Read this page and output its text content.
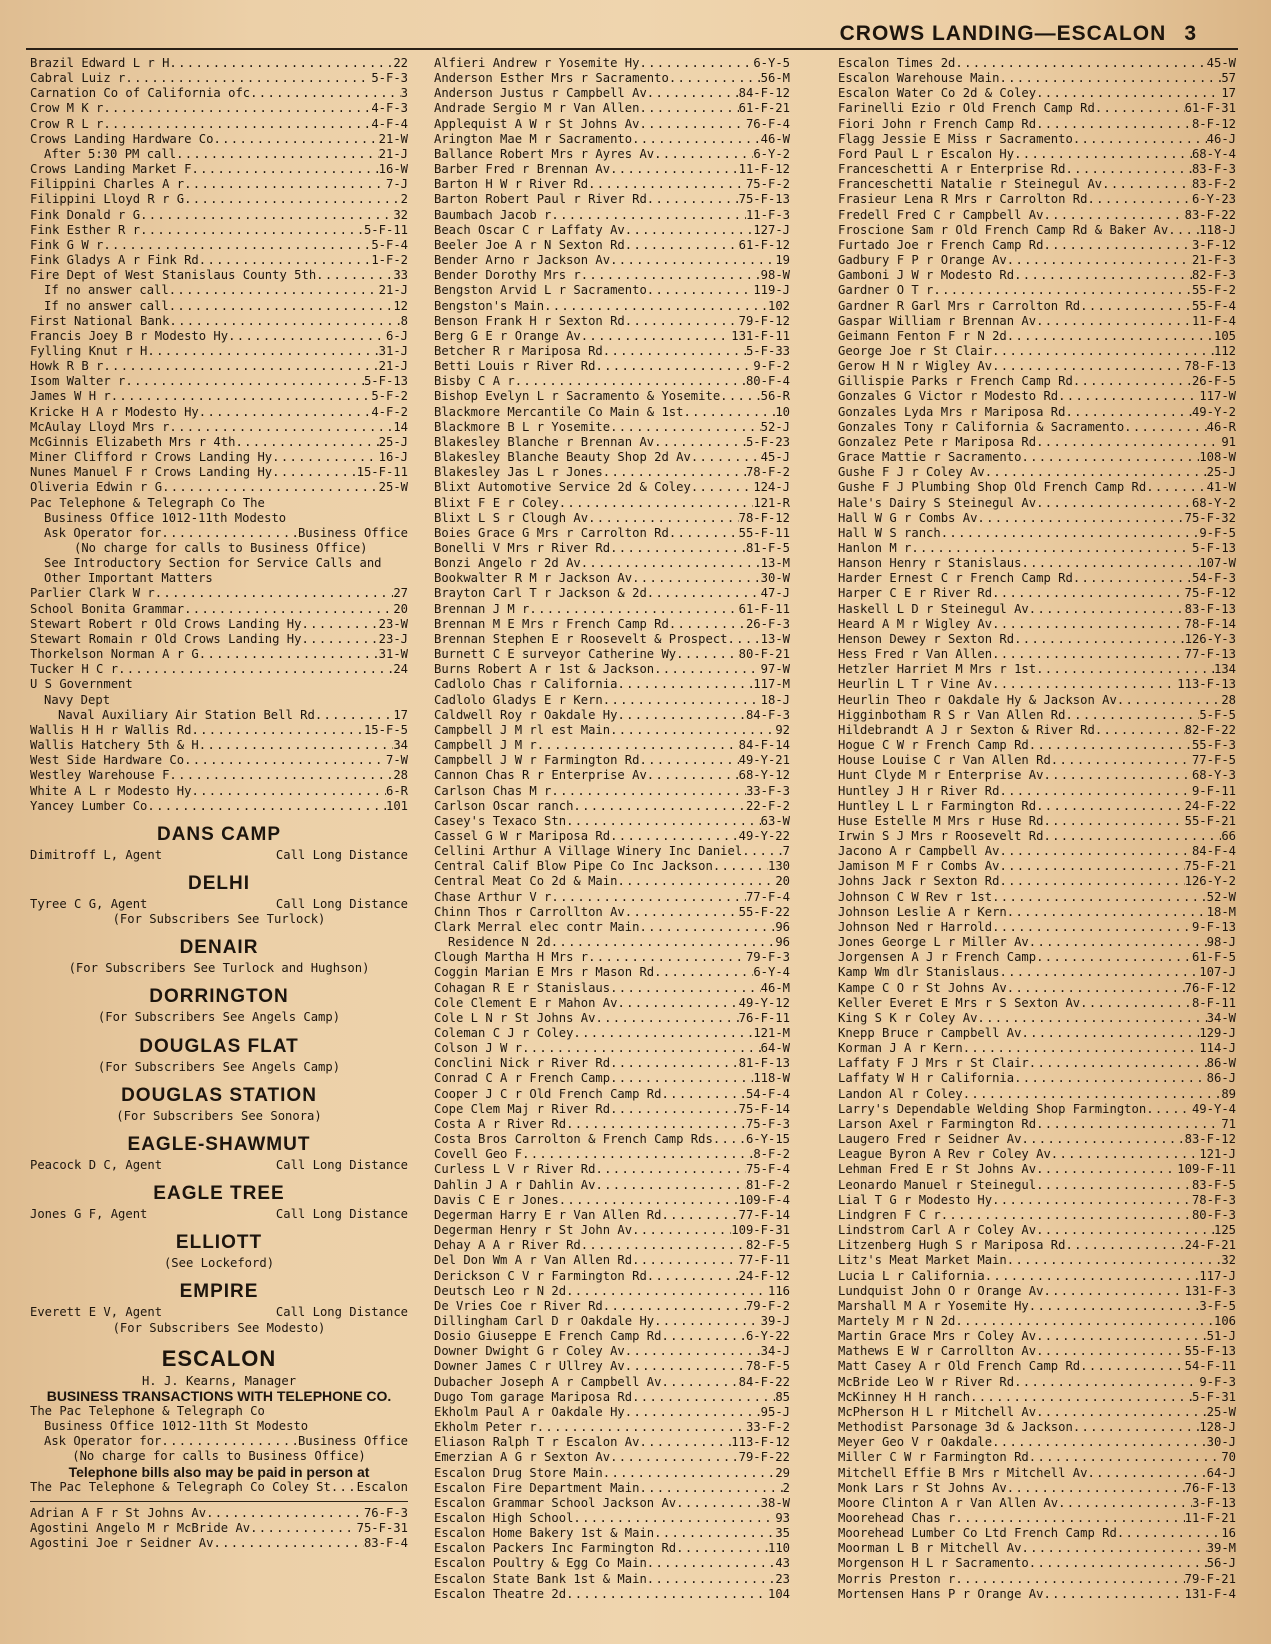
CROWS LANDING—ESCALON 3
Brazil Edward L r H . . .	22
Cabral Luiz r . . .	5-F-3
Carnation Co of California ofc . . .	3
Crow M K r . . .	4-F-3
Crow R L r . . .	4-F-4
Crows Landing Hardware Co . . .	21-W
After 5:30 PM call . . .	21-J
Crows Landing Market F . . .	16-W
Filippini Charles A r . . .	7-J
Filippini Lloyd R r G . . .	2
Fink Donald r G . . .	32
Fink Esther R r . . .	5-F-11
Fink G W r . . .	5-F-4
Fink Gladys A r Fink Rd . . .	1-F-2
Fire Dept of West Stanislaus County 5th . . .	33
If no answer call . . .	21-J
If no answer call . . .	12
First National Bank . . .	8
Francis Joey B r Modesto Hy . . .	6-J
Fylling Knut r H . . .	31-J
Howk R B r . . .	21-J
Isom Walter r . . .	5-F-13
James W H r . . .	5-F-2
Kricke H A r Modesto Hy . . .	4-F-2
McAulay Lloyd Mrs r . . .	14
McGinnis Elizabeth Mrs r 4th . . .	25-J
Miner Clifford r Crows Landing Hy . . .	16-J
Nunes Manuel F r Crows Landing Hy . . .	15-F-11
Oliveria Edwin r G . . .	25-W
Pac Telephone & Telegraph Co The
Business Office 1012-11th Modesto
Ask Operator for . . .	Business Office
(No charge for calls to Business Office)
See Introductory Section for Service Calls and
Other Important Matters
Parlier Clark W r . . .	27
School Bonita Grammar . . .	20
Stewart Robert r Old Crows Landing Hy . . .	23-W
Stewart Romain r Old Crows Landing Hy . . .	23-J
Thorkelson Norman A r G . . .	31-W
Tucker H C r . . .	24
U S Government
Navy Dept
Naval Auxiliary Air Station Bell Rd . . .	17
Wallis H H r Wallis Rd . . .	15-F-5
Wallis Hatchery 5th & H . . .	34
West Side Hardware Co . . .	7-W
Westley Warehouse F . . .	28
White A L r Modesto Hy . . .	6-R
Yancey Lumber Co . . .	101
DANS CAMP
Dimitroff L, Agent	Call Long Distance
DELHI
Tyree C G, Agent	Call Long Distance
(For Subscribers See Turlock)
DENAIR
(For Subscribers See Turlock and Hughson)
DORRINGTON
(For Subscribers See Angels Camp)
DOUGLAS FLAT
(For Subscribers See Angels Camp)
DOUGLAS STATION
(For Subscribers See Sonora)
EAGLE-SHAWMUT
Peacock D C, Agent	Call Long Distance
EAGLE TREE
Jones G F, Agent	Call Long Distance
ELLIOTT
(See Lockeford)
EMPIRE
Everett E V, Agent	Call Long Distance
(For Subscribers See Modesto)
ESCALON
H. J. Kearns, Manager
BUSINESS TRANSACTIONS WITH TELEPHONE CO.
The Pac Telephone & Telegraph Co
Business Office 1012-11th St Modesto
Ask Operator for . . .	Business Office
(No charge for calls to Business Office)
Telephone bills also may be paid in person at
The Pac Telephone & Telegraph Co Coley St . . . Escalon
Adrian A F r St Johns Av . . .	76-F-3
Agostini Angelo M r McBride Av . . .	75-F-31
Agostini Joe r Seidner Av . . .	83-F-4
Alfieri Andrew r Yosemite Hy . . .	6-Y-5
Anderson Esther Mrs r Sacramento . . .	56-M
Anderson Justus r Campbell Av . . .	84-F-12
Andrade Sergio M r Van Allen . . .	61-F-21
Applequist A W r St Johns Av . . .	76-F-4
Arington Mae M r Sacramento . . .	46-W
Ballance Robert Mrs r Ayres Av . . .	6-Y-2
Barber Fred r Brennan Av . . .	11-F-12
Barton H W r River Rd . . .	75-F-2
Barton Robert Paul r River Rd . . .	75-F-13
Baumbach Jacob r . . .	11-F-3
Beach Oscar C r Laffaty Av . . .	127-J
Beeler Joe A r N Sexton Rd . . .	61-F-12
Bender Arno r Jackson Av . . .	19
Bender Dorothy Mrs r . . .	98-W
Bengston Arvid L r Sacramento . . .	119-J
Bengston's Main . . .	102
Benson Frank H r Sexton Rd . . .	79-F-12
Berg G E r Orange Av . . .	131-F-11
Betcher R r Mariposa Rd . . .	5-F-33
Betti Louis r River Rd . . .	9-F-2
Bisby C A r . . .	80-F-4
Bishop Evelyn L r Sacramento & Yosemite . . .	56-R
Blackmore Mercantile Co Main & 1st . . .	10
Blackmore B L r Yosemite . . .	52-J
Blakesley Blanche r Brennan Av . . .	5-F-23
Blakesley Blanche Beauty Shop 2d Av . . .	45-J
Blakesley Jas L r Jones . . .	78-F-2
Blixt Automotive Service 2d & Coley . . .	124-J
Blixt F E r Coley . . .	121-R
Blixt L S r Clough Av . . .	78-F-12
Boies Grace G Mrs r Carrolton Rd . . .	55-F-11
Bonelli V Mrs r River Rd . . .	81-F-5
Bonzi Angelo r 2d Av . . .	13-M
Bookwalter R M r Jackson Av . . .	30-W
Brayton Carl T r Jackson & 2d . . .	47-J
Brennan J M r . . .	61-F-11
Brennan M E Mrs r French Camp Rd . . .	26-F-3
Brennan Stephen E r Roosevelt & Prospect . . .	13-W
Burnett C E surveyor Catherine Wy . . .	80-F-21
Burns Robert A r 1st & Jackson . . .	97-W
Cadlolo Chas r California . . .	117-M
Cadlolo Gladys E r Kern . . .	18-J
Caldwell Roy r Oakdale Hy . . .	84-F-3
Campbell J M rl est Main . . .	92
Campbell J M r . . .	84-F-14
Campbell J W r Farmington Rd . . .	49-Y-21
Cannon Chas R r Enterprise Av . . .	68-Y-12
Carlson Chas M r . . .	33-F-3
Carlson Oscar ranch . . .	22-F-2
Casey's Texaco Stn . . .	63-W
Cassel G W r Mariposa Rd . . .	49-Y-22
Cellini Arthur A Village Winery Inc Daniel . . .	7
Central Calif Blow Pipe Co Inc Jackson . . .	130
Central Meat Co 2d & Main . . .	20
Chase Arthur V r . . .	77-F-4
Chinn Thos r Carrollton Av . . .	55-F-22
Clark Merral elec contr Main . . .	96
Residence N 2d . . .	96
Clough Martha H Mrs r . . .	79-F-3
Coggin Marian E Mrs r Mason Rd . . .	6-Y-4
Cohagan R E r Stanislaus . . .	46-M
Cole Clement E r Mahon Av . . .	49-Y-12
Cole L N r St Johns Av . . .	76-F-11
Coleman C J r Coley . . .	121-M
Colson J W r . . .	64-W
Conclini Nick r River Rd . . .	81-F-13
Conrad C A r French Camp . . .	118-W
Cooper J C r Old French Camp Rd . . .	54-F-4
Cope Clem Maj r River Rd . . .	75-F-14
Costa A r River Rd . . .	75-F-3
Costa Bros Carrolton & French Camp Rds . . .	6-Y-15
Covell Geo F . . .	8-F-2
Curless L V r River Rd . . .	75-F-4
Dahlin J A r Dahlin Av . . .	81-F-2
Davis C E r Jones . . .	109-F-4
Degerman Harry E r Van Allen Rd . . .	77-F-14
Degerman Henry r St John Av . . .	109-F-31
Dehay A A r River Rd . . .	82-F-5
Del Don Wm A r Van Allen Rd . . .	77-F-11
Derickson C V r Farmington Rd . . .	24-F-12
Deutsch Leo r N 2d . . .	116
De Vries Coe r River Rd . . .	79-F-2
Dillingham Carl D r Oakdale Hy . . .	39-J
Dosio Giuseppe E French Camp Rd . . .	6-Y-22
Downer Dwight G r Coley Av . . .	34-J
Downer James C r Ullrey Av . . .	78-F-5
Dubacher Joseph A r Campbell Av . . .	84-F-22
Dugo Tom garage Mariposa Rd . . .	85
Ekholm Paul A r Oakdale Hy . . .	95-J
Ekholm Peter r . . .	33-F-2
Eliason Ralph T r Escalon Av . . .	113-F-12
Emerzian A G r Sexton Av . . .	79-F-22
Escalon Drug Store Main . . .	29
Escalon Fire Department Main . . .	2
Escalon Grammar School Jackson Av . . .	38-W
Escalon High School . . .	93
Escalon Home Bakery 1st & Main . . .	35
Escalon Packers Inc Farmington Rd . . .	110
Escalon Poultry & Egg Co Main . . .	43
Escalon State Bank 1st & Main . . .	23
Escalon Theatre 2d . . .	104
Escalon Times 2d . . .	45-W
Escalon Warehouse Main . . .	57
Escalon Water Co 2d & Coley . . .	17
Farinelli Ezio r Old French Camp Rd . . .	61-F-31
Fiori John r French Camp Rd . . .	8-F-12
Flagg Jessie E Miss r Sacramento . . .	46-J
Ford Paul L r Escalon Hy . . .	68-Y-4
Franceschetti A r Enterprise Rd . . .	83-F-3
Franceschetti Natalie r Steinegul Av . . .	83-F-2
Frasieur Lena R Mrs r Carrolton Rd . . .	6-Y-23
Fredell Fred C r Campbell Av . . .	83-F-22
Froscione Sam r Old French Camp Rd & Baker Av . . .	118-J
Furtado Joe r French Camp Rd . . .	3-F-12
Gadbury F P r Orange Av . . .	21-F-3
Gamboni J W r Modesto Rd . . .	82-F-3
Gardner O T r . . .	55-F-2
Gardner R Garl Mrs r Carrolton Rd . . .	55-F-4
Gaspar William r Brennan Av . . .	11-F-4
Geimann Fenton F r N 2d . . .	105
George Joe r St Clair . . .	112
Gerow H N r Wigley Av . . .	78-F-13
Gillispie Parks r French Camp Rd . . .	26-F-5
Gonzales G Victor r Modesto Rd . . .	117-W
Gonzales Lyda Mrs r Mariposa Rd . . .	49-Y-2
Gonzales Tony r California & Sacramento . . .	46-R
Gonzalez Pete r Mariposa Rd . . .	91
Grace Mattie r Sacramento . . .	108-W
Gushe F J r Coley Av . . .	25-J
Gushe F J Plumbing Shop Old French Camp Rd . . .	41-W
Hale's Dairy S Steinegul Av . . .	68-Y-2
Hall W G r Combs Av . . .	75-F-32
Hall W S ranch . . .	9-F-5
Hanlon M r . . .	5-F-13
Hanson Henry r Stanislaus . . .	107-W
Harder Ernest C r French Camp Rd . . .	54-F-3
Harper C E r River Rd . . .	75-F-12
Haskell L D r Steinegul Av . . .	83-F-13
Heard A M r Wigley Av . . .	78-F-14
Henson Dewey r Sexton Rd . . .	126-Y-3
Hess Fred r Van Allen . . .	77-F-13
Hetzler Harriet M Mrs r 1st . . .	134
Heurlin L T r Vine Av . . .	113-F-13
Heurlin Theo r Oakdale Hy & Jackson Av . . .	28
Higginbotham R S r Van Allen Rd . . .	5-F-5
Hildebrandt A J r Sexton & River Rd . . .	82-F-22
Hogue C W r French Camp Rd . . .	55-F-3
House Louise C r Van Allen Rd . . .	77-F-5
Hunt Clyde M r Enterprise Av . . .	68-Y-3
Huntley J H r River Rd . . .	9-F-11
Huntley L L r Farmington Rd . . .	24-F-22
Huse Estelle M Mrs r Huse Rd . . .	55-F-21
Irwin S J Mrs r Roosevelt Rd . . .	66
Jacono A r Campbell Av . . .	84-F-4
Jamison M F r Combs Av . . .	75-F-21
Johns Jack r Sexton Rd . . .	126-Y-2
Johnson C W Rev r 1st . . .	52-W
Johnson Leslie A r Kern . . .	18-M
Johnson Ned r Harrold . . .	9-F-13
Jones George L r Miller Av . . .	98-J
Jorgensen A J r French Camp . . .	61-F-5
Kamp Wm dlr Stanislaus . . .	107-J
Kampe C O r St Johns Av . . .	76-F-12
Keller Everet E Mrs r S Sexton Av . . .	8-F-11
King S K r Coley Av . . .	34-W
Knepp Bruce r Campbell Av . . .	129-J
Korman J A r Kern . . .	114-J
Laffaty F J Mrs r St Clair . . .	86-W
Laffaty W H r California . . .	86-J
Landon Al r Coley . . .	89
Larry's Dependable Welding Shop Farmington . . .	49-Y-4
Larson Axel r Farmington Rd . . .	71
Laugero Fred r Seidner Av . . .	83-F-12
League Byron A Rev r Coley Av . . .	121-J
Lehman Fred E r St Johns Av . . .	109-F-11
Leonardo Manuel r Steinegul . . .	83-F-5
Lial T G r Modesto Hy . . .	78-F-3
Lindgren F C r . . .	80-F-3
Lindstrom Carl A r Coley Av . . .	125
Litzenberg Hugh S r Mariposa Rd . . .	24-F-21
Litz's Meat Market Main . . .	32
Lucia L r California . . .	117-J
Lundquist John O r Orange Av . . .	131-F-3
Marshall M A r Yosemite Hy . . .	3-F-5
Martely M r N 2d . . .	106
Martin Grace Mrs r Coley Av . . .	51-J
Mathews E W r Carrollton Av . . .	55-F-13
Matt Casey A r Old French Camp Rd . . .	54-F-11
McBride Leo W r River Rd . . .	9-F-3
McKinney H H ranch . . .	5-F-31
McPherson H L r Mitchell Av . . .	25-W
Methodist Parsonage 3d & Jackson . . .	128-J
Meyer Geo V r Oakdale . . .	30-J
Miller C W r Farmington Rd . . .	70
Mitchell Effie B Mrs r Mitchell Av . . .	64-J
Monk Lars r St Johns Av . . .	76-F-13
Moore Clinton A r Van Allen Av . . .	3-F-13
Moorehead Chas r . . .	11-F-21
Moorehead Lumber Co Ltd French Camp Rd . . .	16
Moorman L B r Mitchell Av . . .	39-M
Morgenson H L r Sacramento . . .	56-J
Morris Preston r . . .	79-F-21
Mortensen Hans P r Orange Av . . .	131-F-4
